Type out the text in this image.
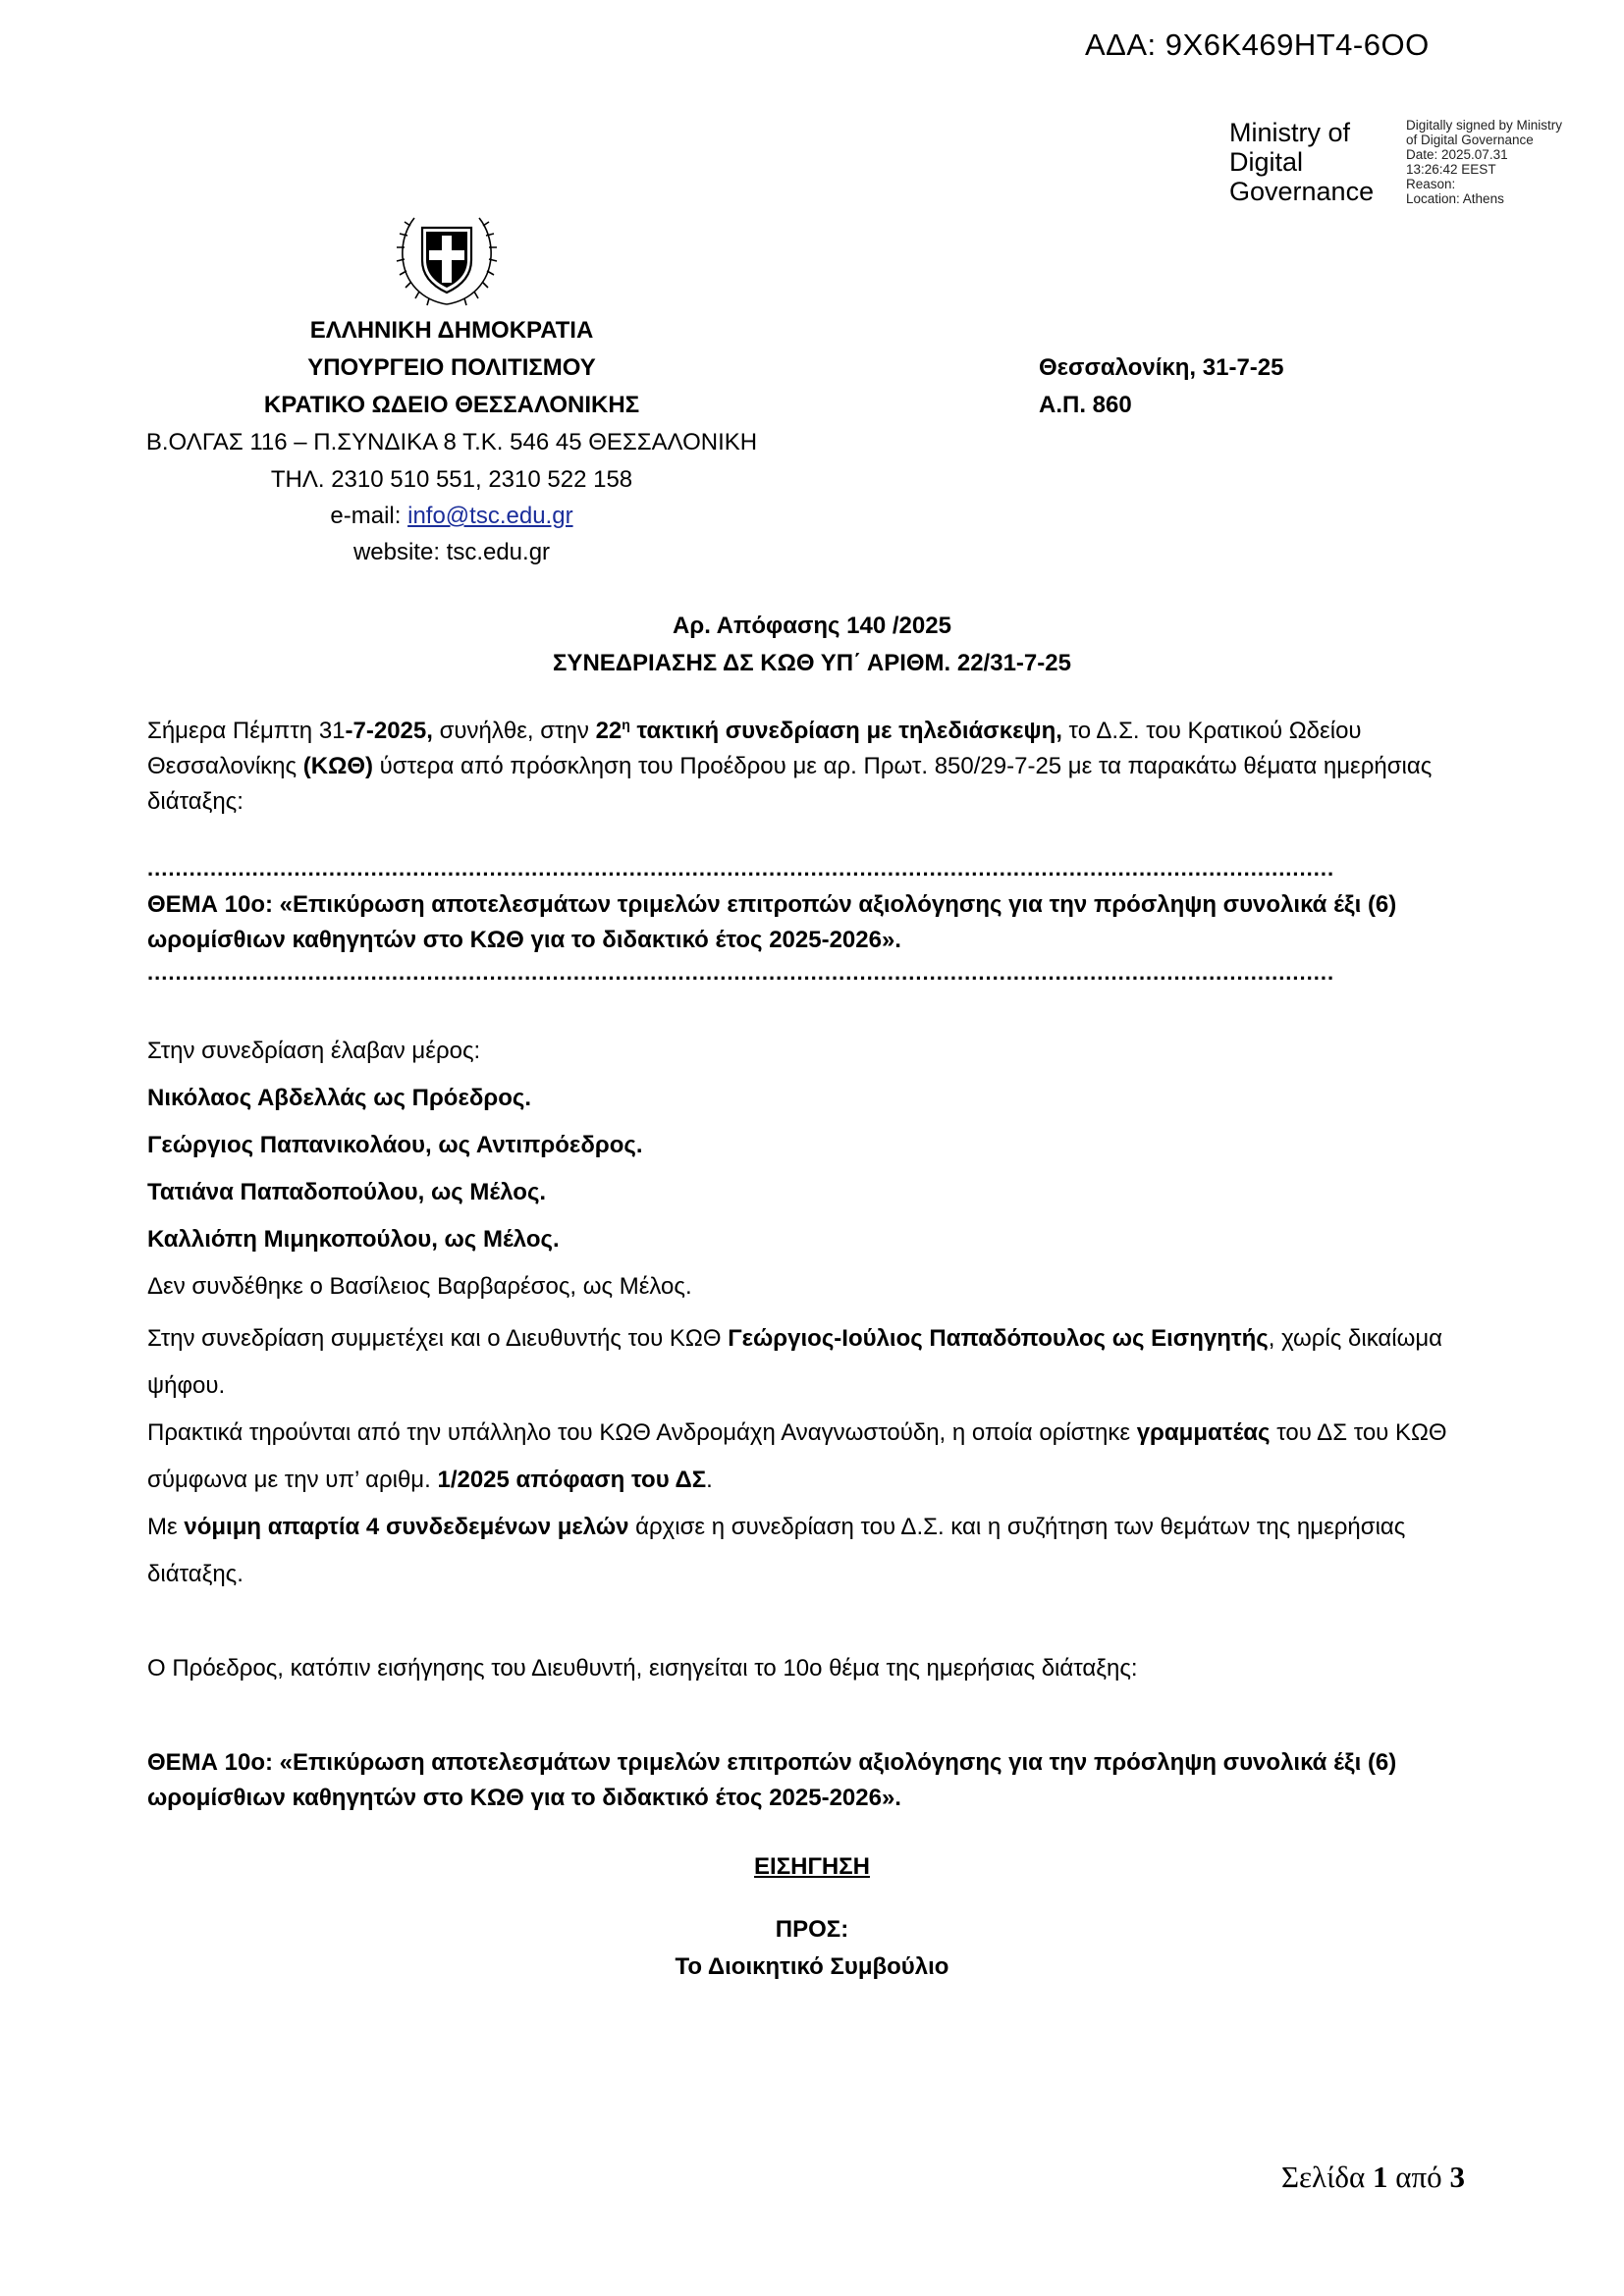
ΑΔΑ: 9Χ6Κ469ΗΤ4-6ΟΟ
Ministry of
Digital
Governance
Digitally signed by Ministry
of Digital Governance
Date: 2025.07.31
13:26:42 EEST
Reason:
Location: Athens
ΕΛΛΗΝΙΚΗ ΔΗΜΟΚΡΑΤΙΑ
ΥΠΟΥΡΓΕΙΟ ΠΟΛΙΤΙΣΜΟΥ
ΚΡΑΤΙΚΟ ΩΔΕΙΟ ΘΕΣΣΑΛΟΝΙΚΗΣ
Β.ΟΛΓΑΣ 116 – Π.ΣΥΝΔΙΚΑ 8 Τ.Κ. 546 45 ΘΕΣΣΑΛΟΝΙΚΗ
ΤΗΛ. 2310 510 551, 2310 522 158
e-mail: info@tsc.edu.gr
website: tsc.edu.gr
Θεσσαλονίκη, 31-7-25
Α.Π. 860
Αρ. Απόφασης 140 /2025
ΣΥΝΕΔΡΙΑΣΗΣ ΔΣ ΚΩΘ ΥΠ΄ ΑΡΙΘΜ. 22/31-7-25
Σήμερα Πέμπτη 31-7-2025, συνήλθε, στην $22^\eta$ τακτική συνεδρίαση με τηλεδιάσκεψη, το Δ.Σ. του Κρατικού Ωδείου Θεσσαλονίκης (ΚΩΘ) ύστερα από πρόσκληση του Προέδρου με αρ. Πρωτ. 850/29-7-25 με τα παρακάτω θέματα ημερήσιας διάταξης:
..........................................................................................................................................................................
ΘΕΜΑ 10ο: «Επικύρωση αποτελεσμάτων τριμελών επιτροπών αξιολόγησης για την πρόσληψη συνολικά έξι (6) ωρομίσθιων καθηγητών στο ΚΩΘ για το διδακτικό έτος 2025-2026».
..........................................................................................................................................................................
Στην συνεδρίαση έλαβαν μέρος:
Νικόλαος Αβδελλάς ως Πρόεδρος.
Γεώργιος Παπανικολάου, ως Αντιπρόεδρος.
Τατιάνα Παπαδοπούλου, ως Μέλος.
Καλλιόπη Μιμηκοπούλου, ως Μέλος.
Δεν συνδέθηκε ο Βασίλειος Βαρβαρέσος, ως Μέλος.
Στην συνεδρίαση συμμετέχει και ο Διευθυντής του ΚΩΘ Γεώργιος-Ιούλιος Παπαδόπουλος ως Εισηγητής, χωρίς δικαίωμα ψήφου.
Πρακτικά τηρούνται από την υπάλληλο του ΚΩΘ Ανδρομάχη Αναγνωστούδη, η οποία ορίστηκε γραμματέας του ΔΣ του ΚΩΘ σύμφωνα με την υπ’ αριθμ. 1/2025 απόφαση του ΔΣ.
Με νόμιμη απαρτία 4 συνδεδεμένων μελών άρχισε η συνεδρίαση του Δ.Σ. και η συζήτηση των θεμάτων της ημερήσιας διάταξης.
Ο Πρόεδρος, κατόπιν εισήγησης του Διευθυντή, εισηγείται το 10ο θέμα της ημερήσιας διάταξης:
ΘΕΜΑ 10ο: «Επικύρωση αποτελεσμάτων τριμελών επιτροπών αξιολόγησης για την πρόσληψη συνολικά έξι (6) ωρομίσθιων καθηγητών στο ΚΩΘ για το διδακτικό έτος 2025-2026».
ΕΙΣΗΓΗΣΗ
ΠΡΟΣ:
Το Διοικητικό Συμβούλιο
Σελίδα 1 από 3
